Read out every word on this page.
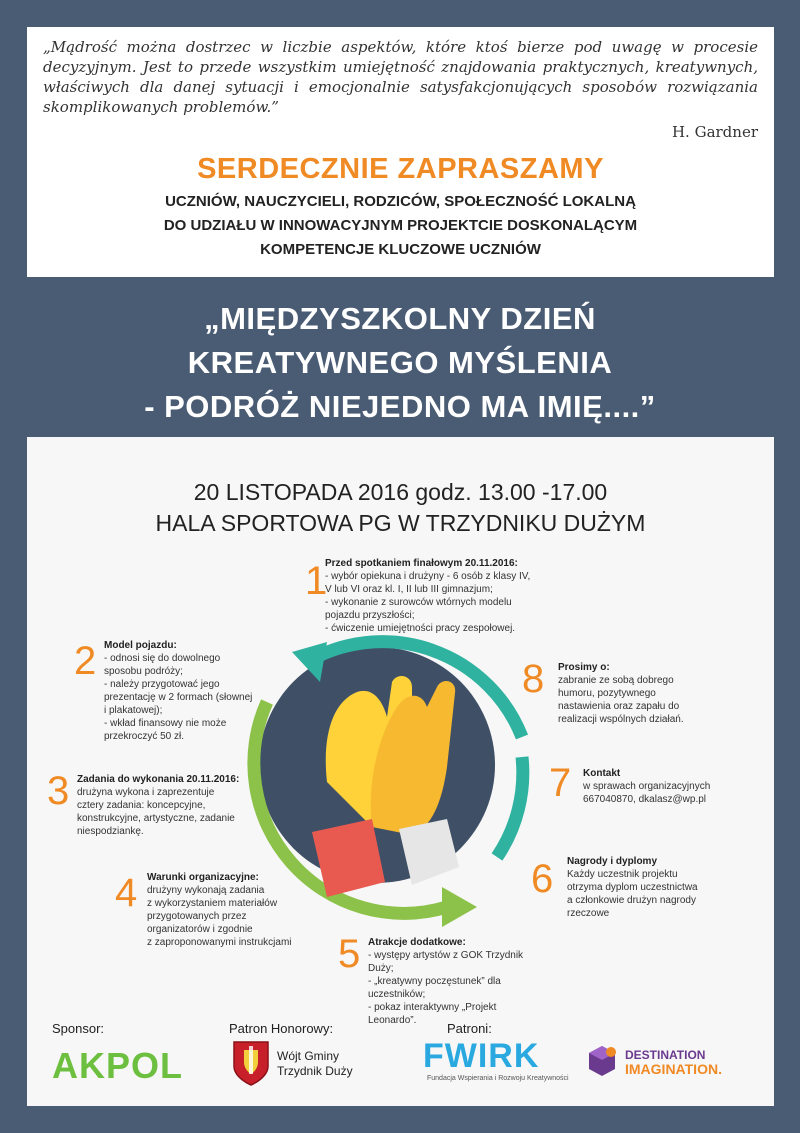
„Mądrość można dostrzec w liczbie aspektów, które ktoś bierze pod uwagę w procesie decyzyjnym. Jest to przede wszystkim umiejętność znajdowania praktycznych, kreatywnych, właściwych dla danej sytuacji i emocjonalnie satysfakcjonujących sposobów rozwiązania skomplikowanych problemów.”

H. Gardner
SERDECZNIE ZAPRASZAMY
UCZNIÓW, NAUCZYCIELI, RODZICÓW, SPOŁECZNOŚĆ LOKALNĄ
DO UDZIAŁU W INNOWACYJNYM PROJEKTCIE DOSKONALĄCYM
KOMPETENCJE KLUCZOWE UCZNIÓW
„MIĘDZYSZKOLNY DZIEŃ
KREATYWNEGO MYŚLENIA
- PODRÓŻ NIEJEDNO MA IMIĘ....”
20 LISTOPADA 2016 godz. 13.00 -17.00
HALA SPORTOWA PG W TRZYDNIKU DUŻYM
1

Przed spotkaniem finałowym 20.11.2016:

- wybór opiekuna i drużyny - 6 osób z klasy IV,

V lub VI oraz kl. I, II lub III gimnazjum;

- wykonanie z surowców wtórnych modelu

pojazdu przyszłości;

- ćwiczenie umiejętności pracy zespołowej.

2 Model pojazdu:

- odnosi się do dowolnego

sposobu podróży;

- należy przygotować jego

prezentację w 2 formach (słownej

i plakatowej);

- wkład finansowy nie może

przekroczyć 50 zł.

3 Zadania do wykonania 20.11.2016:

drużyna wykona i zaprezentuje

cztery zadania: koncepcyjne,

konstrukcyjne, artystyczne, zadanie

niespodziankę.

4 Warunki organizacyjne:

drużyny wykonają zadania

z wykorzystaniem materiałów

przygotowanych przez

organizatorów i zgodnie

z zaproponowanymi instrukcjami	5 Atrakcje dodatkowe:

- występy artystów z GOK Trzydnik

Duży;

- „kreatywny poczęstunek” dla

uczestników;

- pokaz interaktywny „Projekt

Leonardo”.

6 Nagrody i dyplomy

Każdy uczestnik projektu

otrzyma dyplom uczestnictwa

a członkowie drużyn nagrody

rzeczowe

7 Kontakt

w sprawach organizacyjnych

667040870, dkalasz@wp.pl

8 Prosimy o:

zabranie ze sobą dobrego

humoru, pozytywnego

nastawienia oraz zapału do

realizacji wspólnych działań.

Sponsor:	Patron Honorowy:	Patroni:
AKPOL	Wójt Gminy
Trzydnik Duży FWIRK
Fundacja Wspierania i Rozwoju Kreatywności
DESTINATION
IMAGINATION.
